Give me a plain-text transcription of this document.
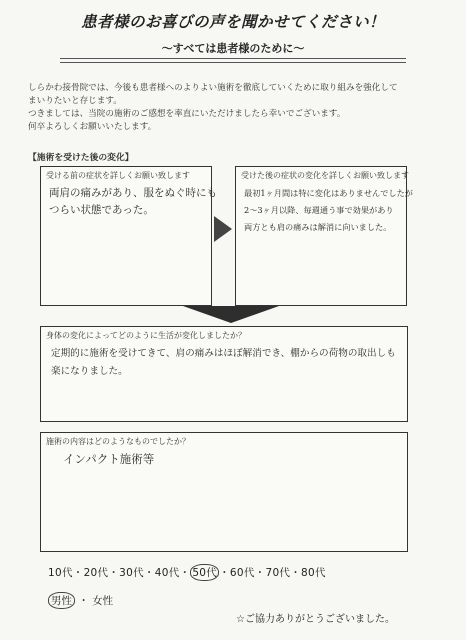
患者様のお喜びの声を聞かせてください！
～すべては患者様のために～
しらかわ接骨院では、今後も患者様へのよりよい施術を徹底していくために取り組みを強化して
まいりたいと存じます。
つきましては、当院の施術のご感想を率直にいただけましたら幸いでございます。
何卒よろしくお願いいたします。
【施術を受けた後の変化】
受ける前の症状を詳しくお願い致します
両肩の痛みがあり、服をぬぐ時にも
つらい状態であった。
受けた後の症状の変化を詳しくお願い致します
最初1ヶ月間は特に変化はありませんでしたが
2～3ヶ月以降、毎週通う事で効果があり
両方とも肩の痛みは解消に向いました。
身体の変化によってどのように生活が変化しましたか？
定期的に施術を受けてきて、肩の痛みはほぼ解消でき、棚からの荷物の取出しも
楽になりました。
施術の内容はどのようなものでしたか？
インパクト施術等
10代・20代・30代・40代・ 50代 ・60代・70代・80代
男性 ・ 女性
☆ご協力ありがとうございました。
